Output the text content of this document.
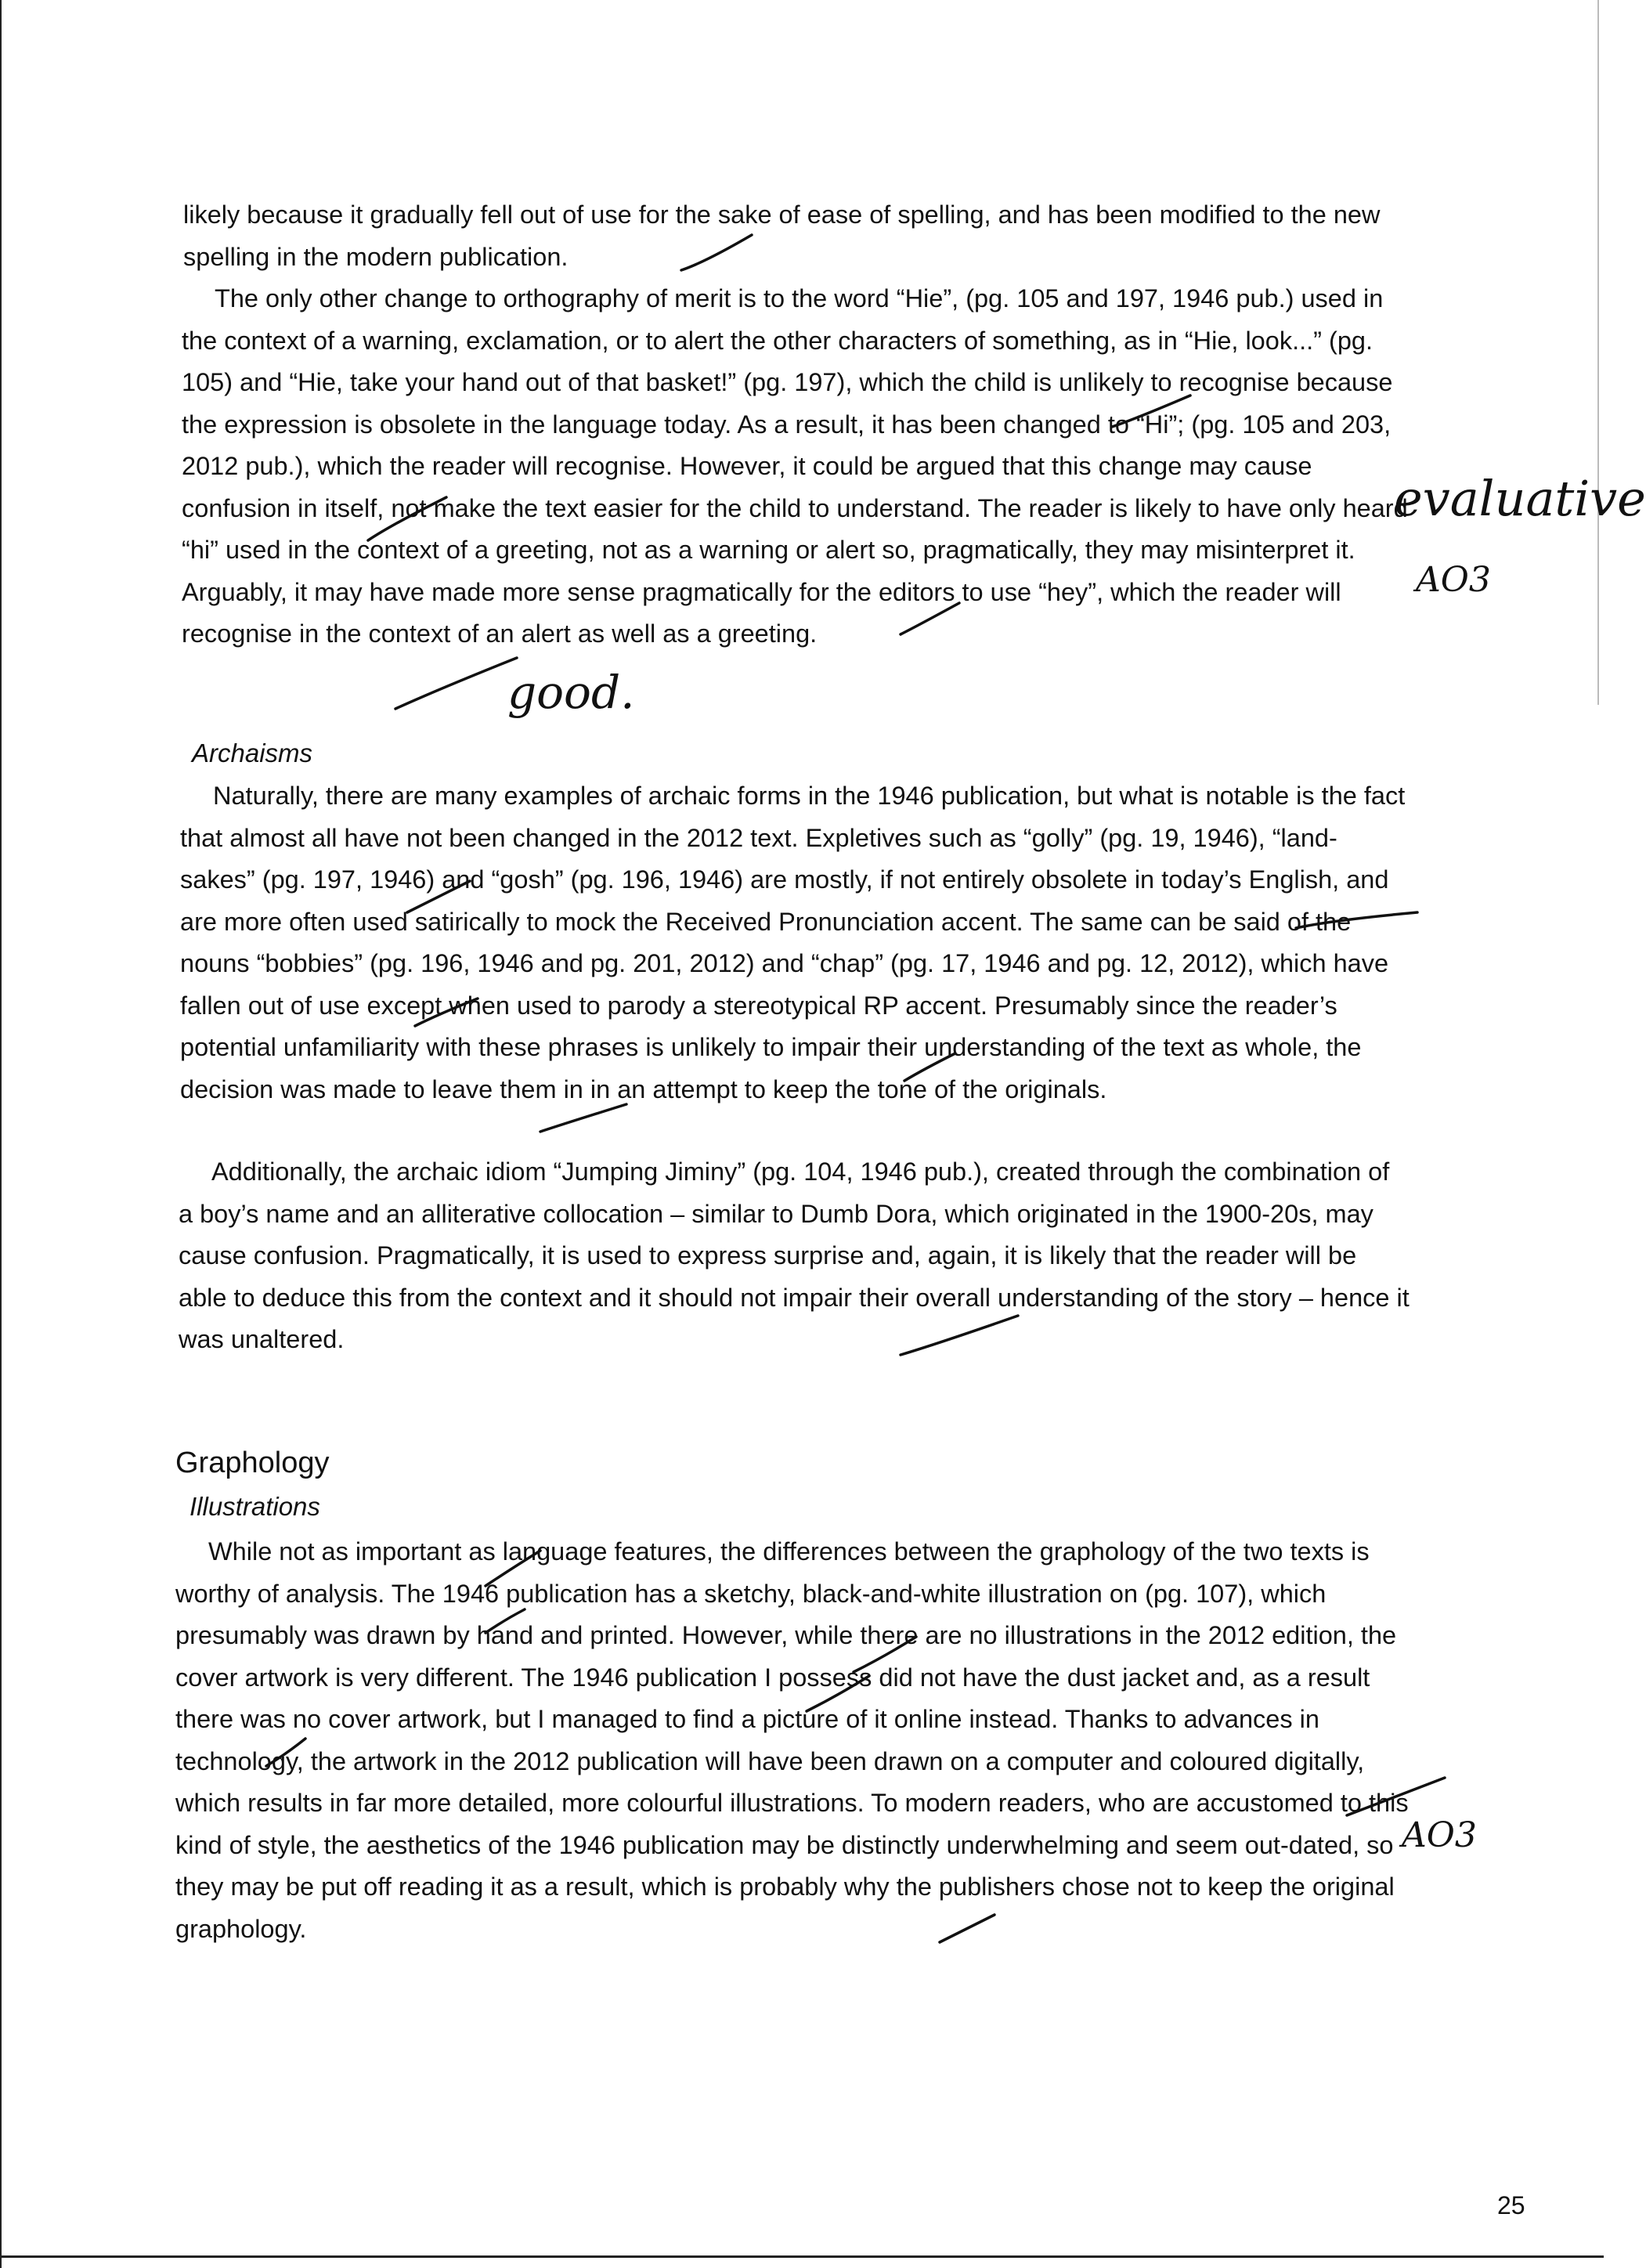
likely because it gradually fell out of use for the sake of ease of spelling, and has been modified to the new spelling in the modern publication.

The only other change to orthography of merit is to the word “Hie”, (pg. 105 and 197, 1946 pub.) used in the context of a warning, exclamation, or to alert the other characters of something, as in “Hie, look...” (pg. 105) and “Hie, take your hand out of that basket!” (pg. 197), which the child is unlikely to recognise because the expression is obsolete in the language today. As a result, it has been changed to “Hi”; (pg. 105 and 203, 2012 pub.), which the reader will recognise. However, it could be argued that this change may cause confusion in itself, not make the text easier for the child to understand. The reader is likely to have only heard “hi” used in the context of a greeting, not as a warning or alert so, pragmatically, they may misinterpret it. Arguably, it may have made more sense pragmatically for the editors to use “hey”, which the reader will recognise in the context of an alert as well as a greeting.

Archaisms

Naturally, there are many examples of archaic forms in the 1946 publication, but what is notable is the fact that almost all have not been changed in the 2012 text. Expletives such as “golly” (pg. 19, 1946), “land-sakes” (pg. 197, 1946) and “gosh” (pg. 196, 1946) are mostly, if not entirely obsolete in today’s English, and are more often used satirically to mock the Received Pronunciation accent. The same can be said of the nouns “bobbies” (pg. 196, 1946 and pg. 201, 2012) and “chap” (pg. 17, 1946 and pg. 12, 2012), which have fallen out of use except when used to parody a stereotypical RP accent. Presumably since the reader’s potential unfamiliarity with these phrases is unlikely to impair their understanding of the text as whole, the decision was made to leave them in in an attempt to keep the tone of the originals.

Additionally, the archaic idiom “Jumping Jiminy” (pg. 104, 1946 pub.), created through the combination of a boy’s name and an alliterative collocation – similar to Dumb Dora, which originated in the 1900-20s, may cause confusion. Pragmatically, it is used to express surprise and, again, it is likely that the reader will be able to deduce this from the context and it should not impair their overall understanding of the story – hence it was unaltered.

Graphology

Illustrations

While not as important as language features, the differences between the graphology of the two texts is worthy of analysis. The 1946 publication has a sketchy, black-and-white illustration on (pg. 107), which presumably was drawn by hand and printed. However, while there are no illustrations in the 2012 edition, the cover artwork is very different. The 1946 publication I possess did not have the dust jacket and, as a result there was no cover artwork, but I managed to find a picture of it online instead. Thanks to advances in technology, the artwork in the 2012 publication will have been drawn on a computer and coloured digitally, which results in far more detailed, more colourful illustrations. To modern readers, who are accustomed to this kind of style, the aesthetics of the 1946 publication may be distinctly underwhelming and seem out-dated, so they may be put off reading it as a result, which is probably why the publishers chose not to keep the original graphology.

good.
evaluative
AO3
AO3
25
